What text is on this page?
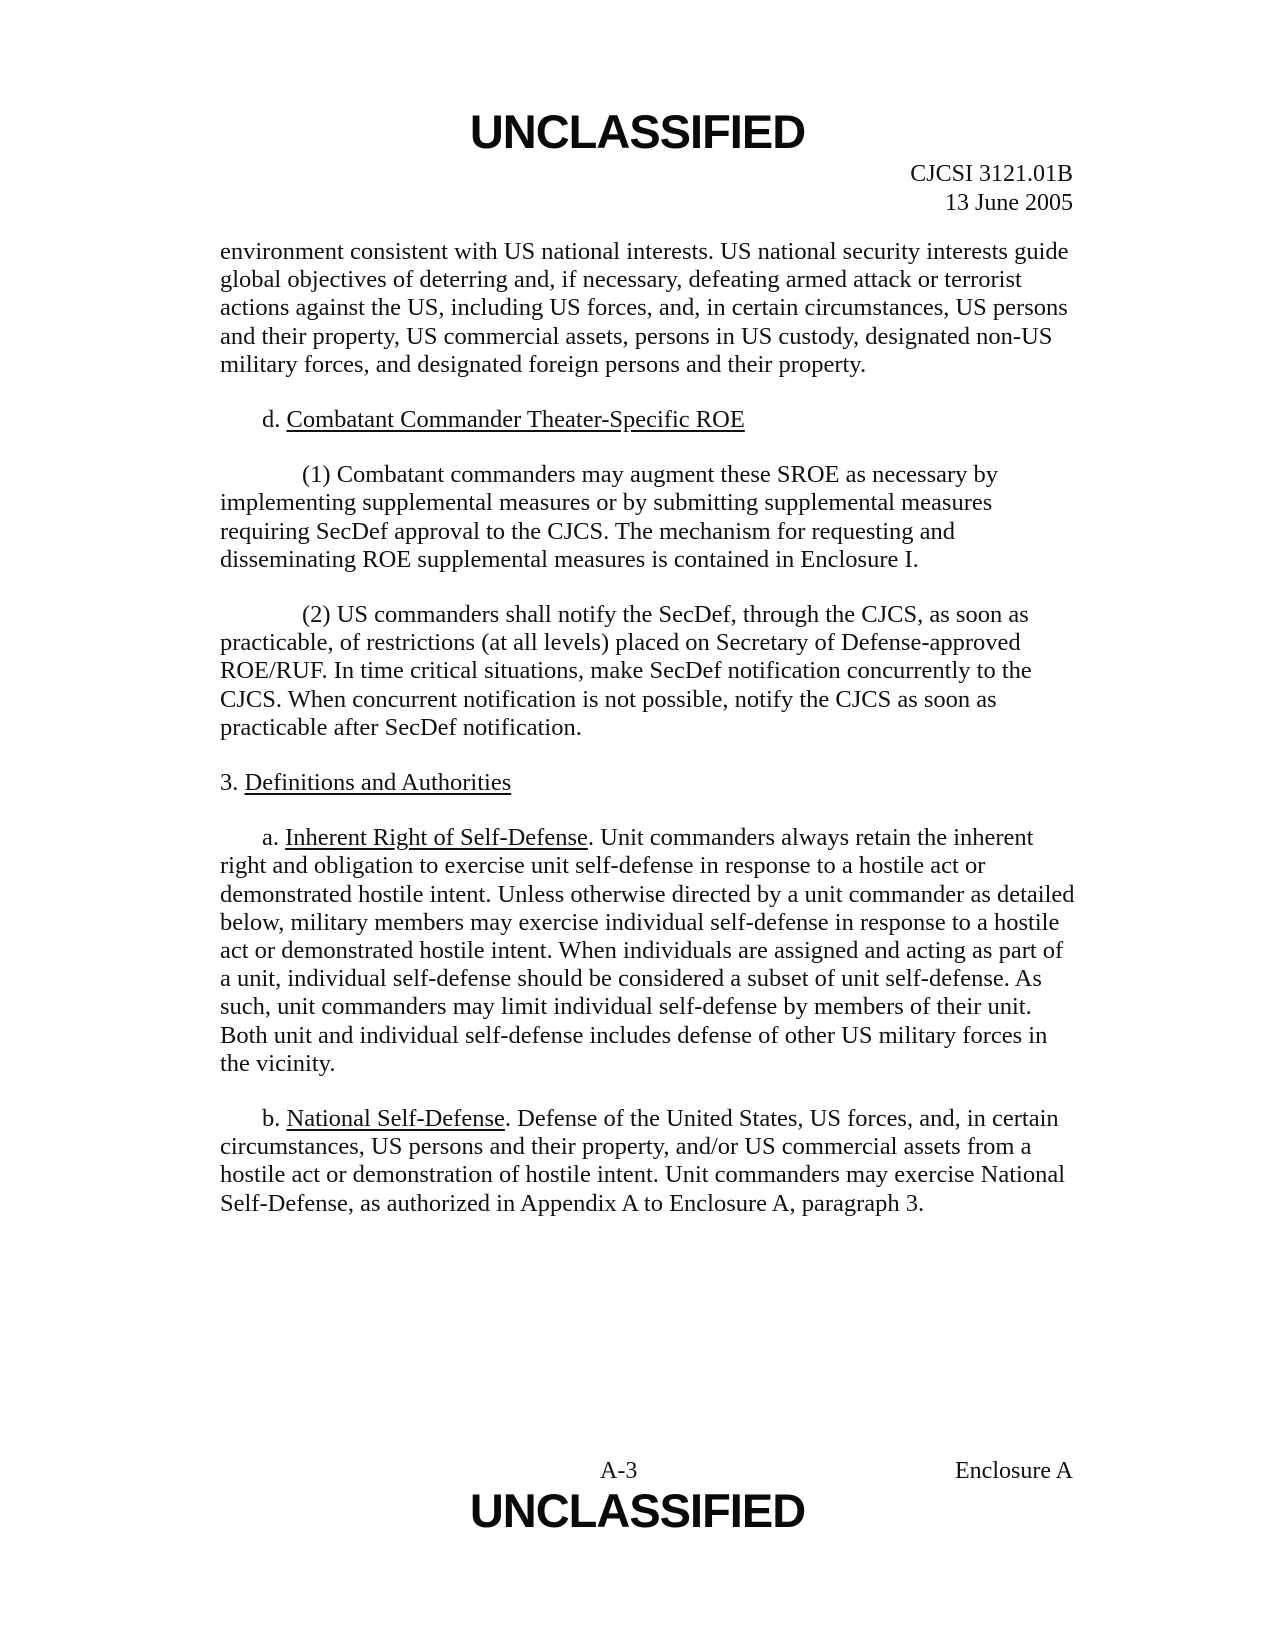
UNCLASSIFIED
CJCSI 3121.01B
13 June 2005

environment consistent with US national interests. US national security interests guide global objectives of deterring and, if necessary, defeating armed attack or terrorist actions against the US, including US forces, and, in certain circumstances, US persons and their property, US commercial assets, persons in US custody, designated non-US military forces, and designated foreign persons and their property.

d. Combatant Commander Theater-Specific ROE

(1) Combatant commanders may augment these SROE as necessary by implementing supplemental measures or by submitting supplemental measures requiring SecDef approval to the CJCS. The mechanism for requesting and disseminating ROE supplemental measures is contained in Enclosure I.

(2) US commanders shall notify the SecDef, through the CJCS, as soon as practicable, of restrictions (at all levels) placed on Secretary of Defense-approved ROE/RUF. In time critical situations, make SecDef notification concurrently to the CJCS. When concurrent notification is not possible, notify the CJCS as soon as practicable after SecDef notification.

3. Definitions and Authorities

a. Inherent Right of Self-Defense. Unit commanders always retain the inherent right and obligation to exercise unit self-defense in response to a hostile act or demonstrated hostile intent. Unless otherwise directed by a unit commander as detailed below, military members may exercise individual self-defense in response to a hostile act or demonstrated hostile intent. When individuals are assigned and acting as part of a unit, individual self-defense should be considered a subset of unit self-defense. As such, unit commanders may limit individual self-defense by members of their unit. Both unit and individual self-defense includes defense of other US military forces in the vicinity.

b. National Self-Defense. Defense of the United States, US forces, and, in certain circumstances, US persons and their property, and/or US commercial assets from a hostile act or demonstration of hostile intent. Unit commanders may exercise National Self-Defense, as authorized in Appendix A to Enclosure A, paragraph 3.

A-3	Enclosure A
UNCLASSIFIED
